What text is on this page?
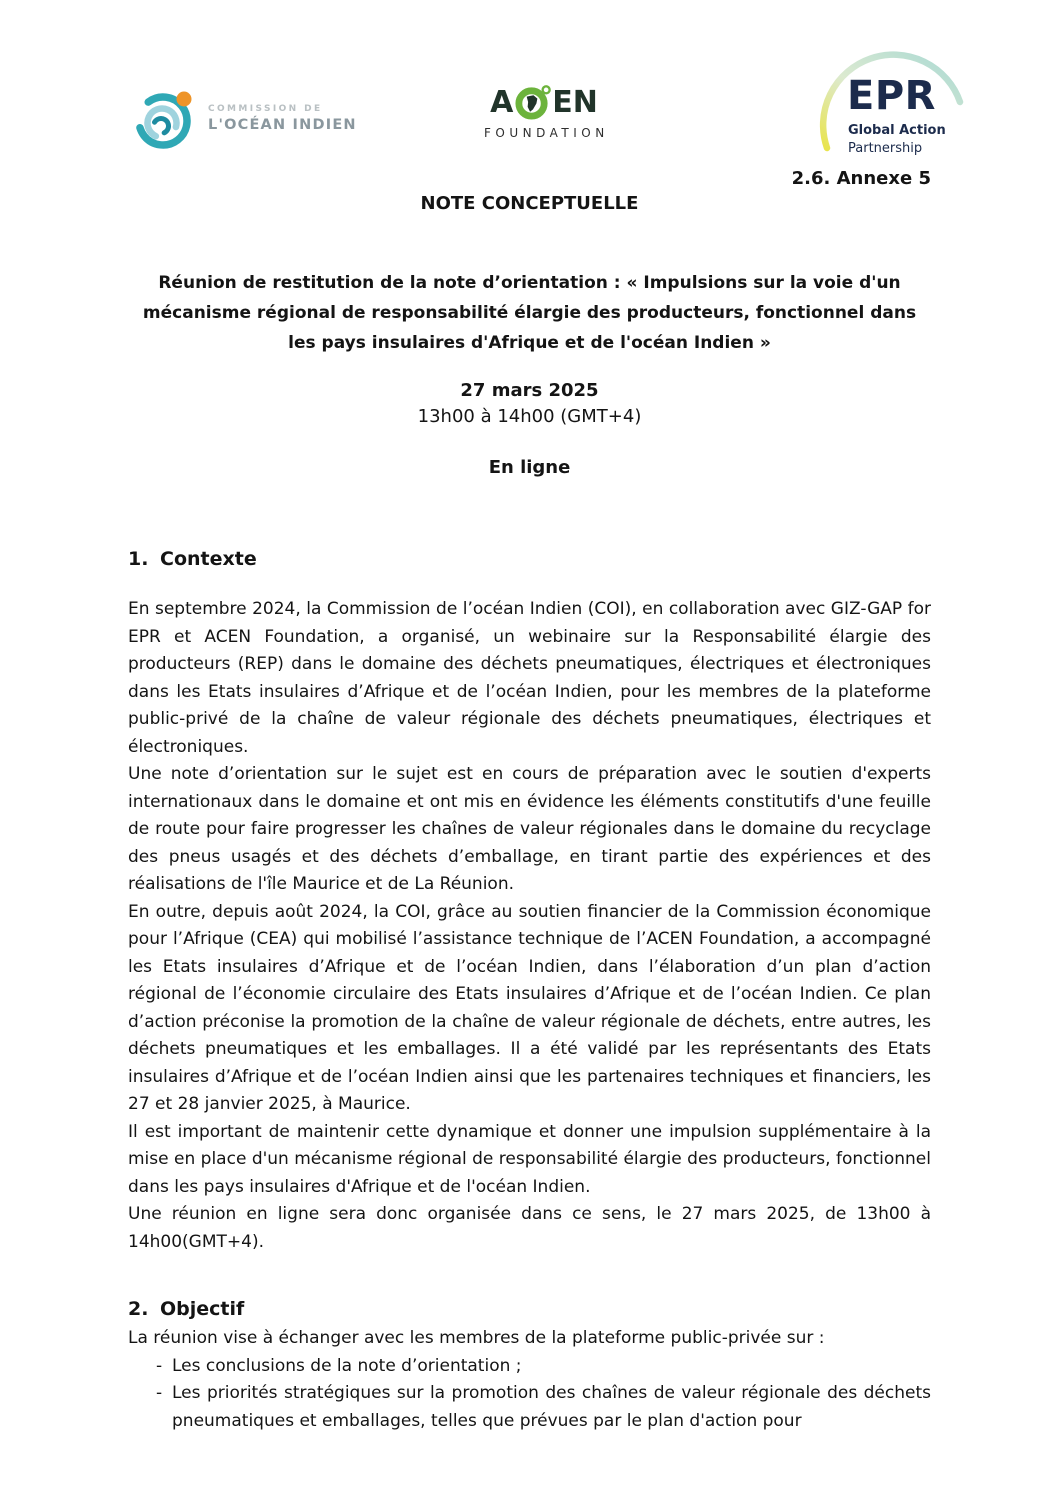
COMMISSION DE
L'OCÉAN INDIEN
A EN
FOUNDATION
EPR
Global Action
Partnership
2.6. Annexe 5
NOTE CONCEPTUELLE
Réunion de restitution de la note d’orientation : « Impulsions sur la voie d'un
mécanisme régional de responsabilité élargie des producteurs, fonctionnel dans
les pays insulaires d'Afrique et de l'océan Indien »
27 mars 2025
13h00 à 14h00 (GMT+4)
En ligne
1. Contexte

En septembre 2024, la Commission de l’océan Indien (COI), en collaboration avec GIZ-GAP for EPR et ACEN Foundation, a organisé, un webinaire sur la Responsabilité élargie des producteurs (REP) dans le domaine des déchets pneumatiques, électriques et électroniques dans les Etats insulaires d’Afrique et de l’océan Indien, pour les membres de la plateforme public-privé de la chaîne de valeur régionale des déchets pneumatiques, électriques et électroniques.

Une note d’orientation sur le sujet est en cours de préparation avec le soutien d'experts internationaux dans le domaine et ont mis en évidence les éléments constitutifs d'une feuille de route pour faire progresser les chaînes de valeur régionales dans le domaine du recyclage des pneus usagés et des déchets d’emballage, en tirant partie des expériences et des réalisations de l'île Maurice et de La Réunion.

En outre, depuis août 2024, la COI, grâce au soutien financier de la Commission économique pour l’Afrique (CEA) qui mobilisé l’assistance technique de l’ACEN Foundation, a accompagné les Etats insulaires d’Afrique et de l’océan Indien, dans l’élaboration d’un plan d’action régional de l’économie circulaire des Etats insulaires d’Afrique et de l’océan Indien. Ce plan d’action préconise la promotion de la chaîne de valeur régionale de déchets, entre autres, les déchets pneumatiques et les emballages. Il a été validé par les représentants des Etats insulaires d’Afrique et de l’océan Indien ainsi que les partenaires techniques et financiers, les 27 et 28 janvier 2025, à Maurice.

Il est important de maintenir cette dynamique et donner une impulsion supplémentaire à la mise en place d'un mécanisme régional de responsabilité élargie des producteurs, fonctionnel dans les pays insulaires d'Afrique et de l'océan Indien.

Une réunion en ligne sera donc organisée dans ce sens, le 27 mars 2025, de 13h00 à 14h00(GMT+4).

2. Objectif

La réunion vise à échanger avec les membres de la plateforme public-privée sur :

- Les conclusions de la note d’orientation ;
- Les priorités stratégiques sur la promotion des chaînes de valeur régionale des déchets pneumatiques et emballages, telles que prévues par le plan d'action pour
